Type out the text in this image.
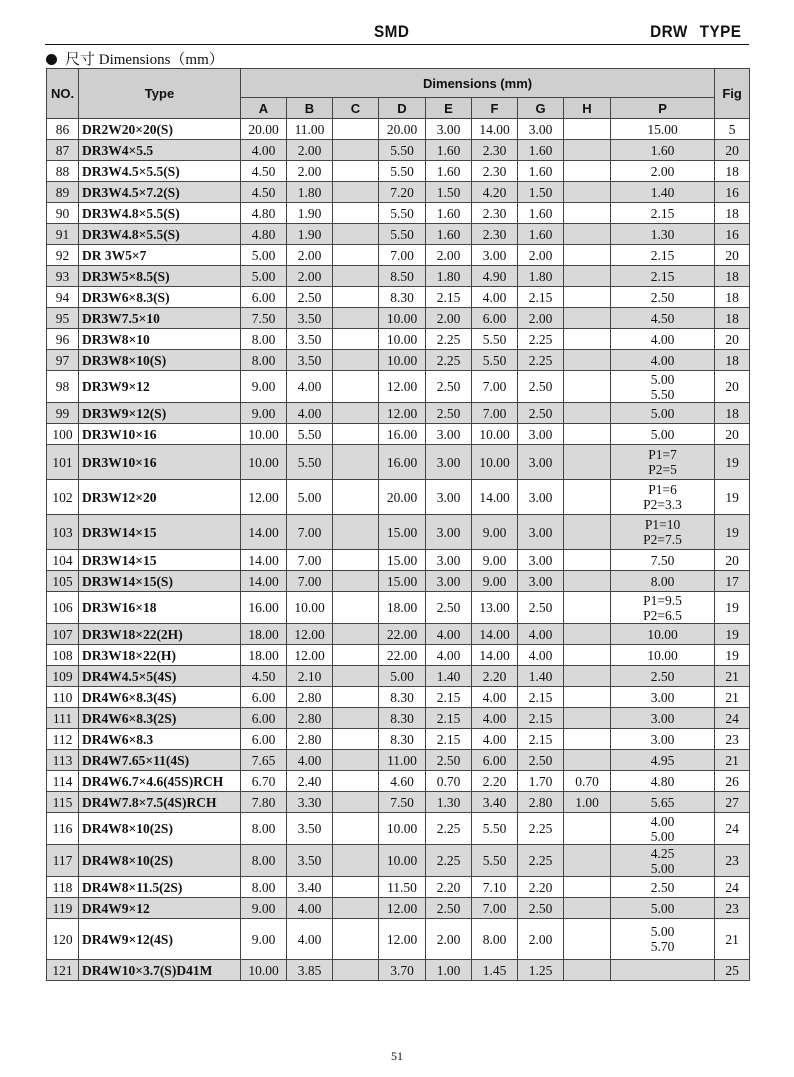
SMD	DRW TYPE
尺寸 Dimensions（mm）
NO.	Type	Dimensions (mm)									Fig
		A	B	C	D	E	F	G	H	P	
86	DR2W20×20(S)	20.00	11.00		20.00	3.00	14.00	3.00		15.00	5
87	DR3W4×5.5	4.00	2.00		5.50	1.60	2.30	1.60		1.60	20
88	DR3W4.5×5.5(S)	4.50	2.00		5.50	1.60	2.30	1.60		2.00	18
89	DR3W4.5×7.2(S)	4.50	1.80		7.20	1.50	4.20	1.50		1.40	16
90	DR3W4.8×5.5(S)	4.80	1.90		5.50	1.60	2.30	1.60		2.15	18
91	DR3W4.8×5.5(S)	4.80	1.90		5.50	1.60	2.30	1.60		1.30	16
92	DR 3W5×7	5.00	2.00		7.00	2.00	3.00	2.00		2.15	20
93	DR3W5×8.5(S)	5.00	2.00		8.50	1.80	4.90	1.80		2.15	18
94	DR3W6×8.3(S)	6.00	2.50		8.30	2.15	4.00	2.15		2.50	18
95	DR3W7.5×10	7.50	3.50		10.00	2.00	6.00	2.00		4.50	18
96	DR3W8×10	8.00	3.50		10.00	2.25	5.50	2.25		4.00	20
97	DR3W8×10(S)	8.00	3.50		10.00	2.25	5.50	2.25		4.00	18
98	DR3W9×12	9.00	4.00		12.00	2.50	7.00	2.50		5.00
5.50	20
99	DR3W9×12(S)	9.00	4.00		12.00	2.50	7.00	2.50		5.00	18
100	DR3W10×16	10.00	5.50		16.00	3.00	10.00	3.00		5.00	20
101	DR3W10×16	10.00	5.50		16.00	3.00	10.00	3.00		P1=7
P2=5	19
102	DR3W12×20	12.00	5.00		20.00	3.00	14.00	3.00		P1=6
P2=3.3	19
103	DR3W14×15	14.00	7.00		15.00	3.00	9.00	3.00		P1=10
P2=7.5	19
104	DR3W14×15	14.00	7.00		15.00	3.00	9.00	3.00		7.50	20
105	DR3W14×15(S)	14.00	7.00		15.00	3.00	9.00	3.00		8.00	17
106	DR3W16×18	16.00	10.00		18.00	2.50	13.00	2.50		P1=9.5
P2=6.5	19
107	DR3W18×22(2H)	18.00	12.00		22.00	4.00	14.00	4.00		10.00	19
108	DR3W18×22(H)	18.00	12.00		22.00	4.00	14.00	4.00		10.00	19
109	DR4W4.5×5(4S)	4.50	2.10		5.00	1.40	2.20	1.40		2.50	21
110	DR4W6×8.3(4S)	6.00	2.80		8.30	2.15	4.00	2.15		3.00	21
111	DR4W6×8.3(2S)	6.00	2.80		8.30	2.15	4.00	2.15		3.00	24
112	DR4W6×8.3	6.00	2.80		8.30	2.15	4.00	2.15		3.00	23
113	DR4W7.65×11(4S)	7.65	4.00		11.00	2.50	6.00	2.50		4.95	21
114	DR4W6.7×4.6(45S)RCH	6.70	2.40		4.60	0.70	2.20	1.70	0.70	4.80	26
115	DR4W7.8×7.5(4S)RCH	7.80	3.30		7.50	1.30	3.40	2.80	1.00	5.65	27
116	DR4W8×10(2S)	8.00	3.50		10.00	2.25	5.50	2.25		4.00
5.00	24
117	DR4W8×10(2S)	8.00	3.50		10.00	2.25	5.50	2.25		4.25
5.00	23
118	DR4W8×11.5(2S)	8.00	3.40		11.50	2.20	7.10	2.20		2.50	24
119	DR4W9×12	9.00	4.00		12.00	2.50	7.00	2.50		5.00	23
120	DR4W9×12(4S)	9.00	4.00		12.00	2.00	8.00	2.00		5.00
5.70	21
121	DR4W10×3.7(S)D41M	10.00	3.85		3.70	1.00	1.45	1.25			25
51
